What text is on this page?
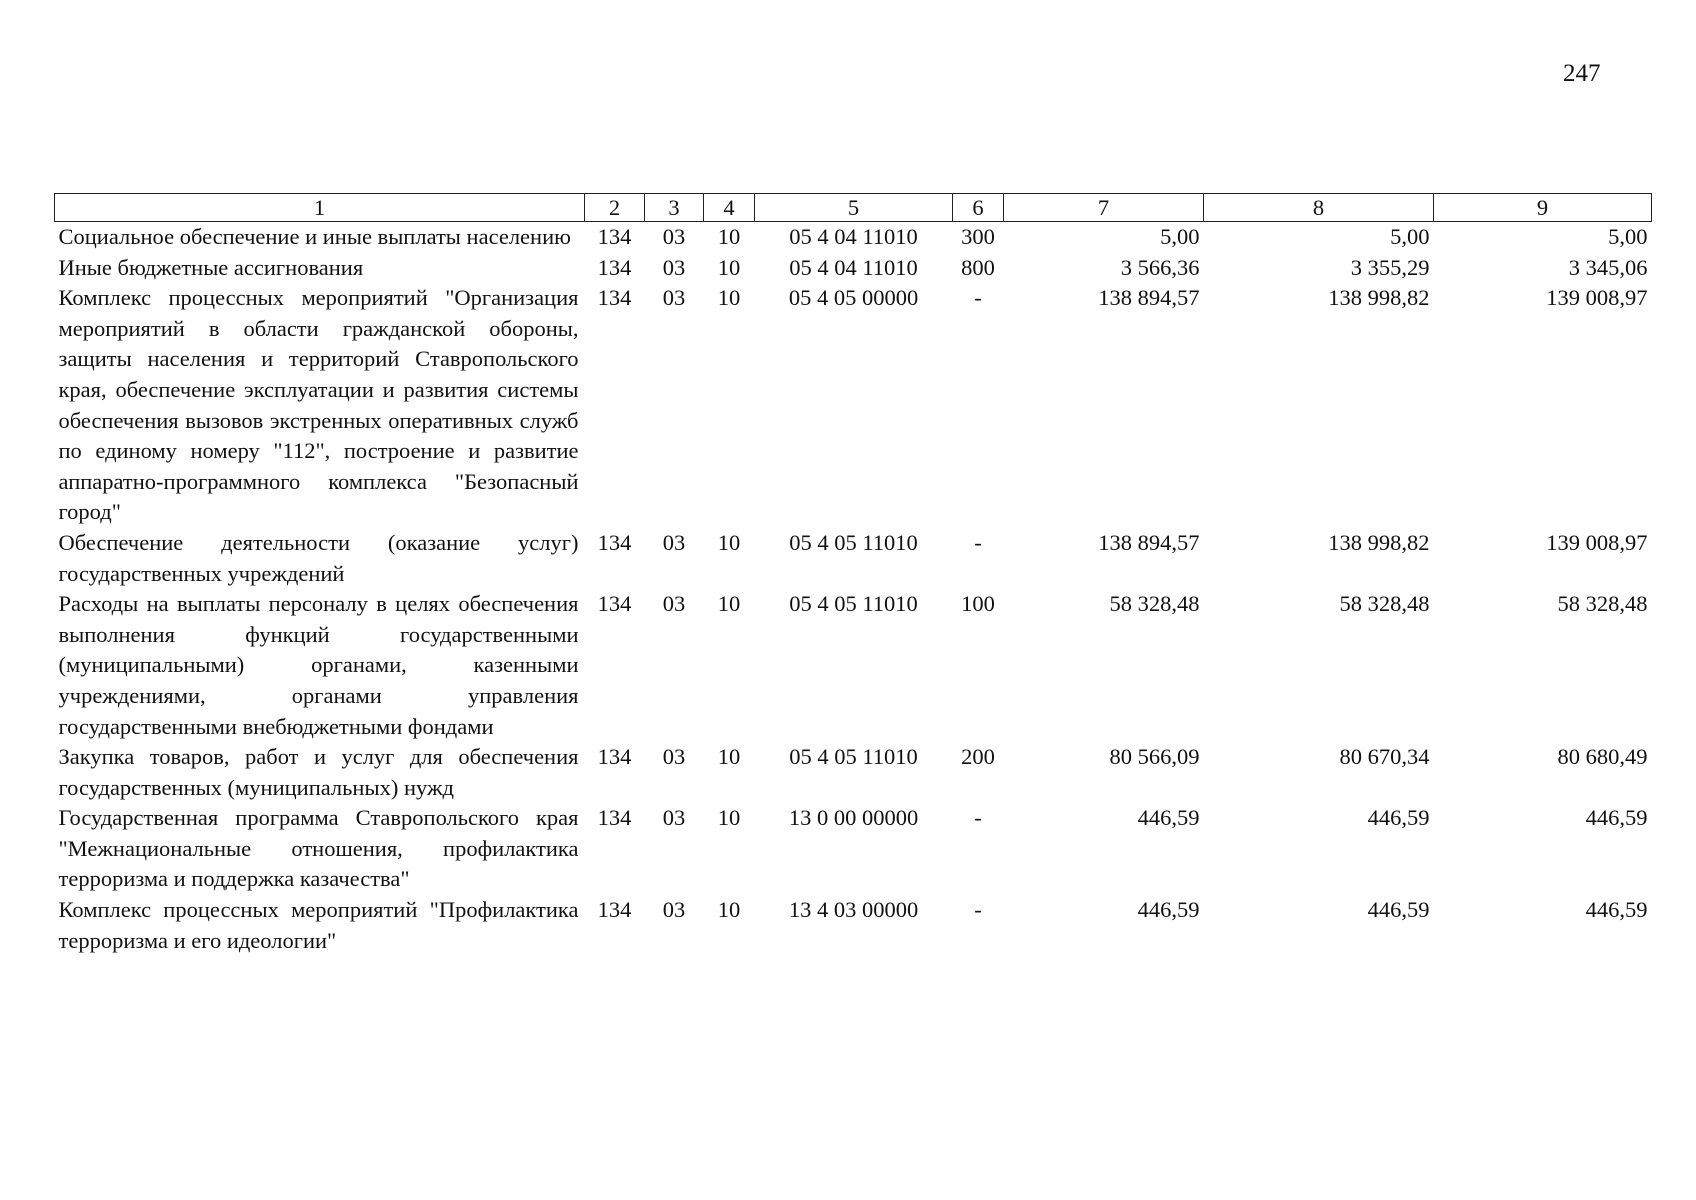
247
1	2	3	4	5	6	7	8	9
Социальное обеспечение и иные выплаты населению	134	03	10	05 4 04 11010	300	5,00	5,00	5,00
Иные бюджетные ассигнования	134	03	10	05 4 04 11010	800	3 566,36	3 355,29	3 345,06
Комплекс процессных мероприятий "Организация мероприятий в области гражданской обороны, защиты населения и территорий Ставропольского края, обеспечение эксплуатации и развития системы обеспечения вызовов экстренных оперативных служб по единому номеру "112", построение и развитие аппаратно-программного комплекса "Безопасный город"	134	03	10	05 4 05 00000	-	138 894,57	138 998,82	139 008,97
Обеспечение деятельности (оказание услуг) государственных учреждений	134	03	10	05 4 05 11010	-	138 894,57	138 998,82	139 008,97
Расходы на выплаты персоналу в целях обеспечения выполнения функций государственными (муниципальными) органами, казенными учреждениями, органами управления государственными внебюджетными фондами	134	03	10	05 4 05 11010	100	58 328,48	58 328,48	58 328,48
Закупка товаров, работ и услуг для обеспечения государственных (муниципальных) нужд	134	03	10	05 4 05 11010	200	80 566,09	80 670,34	80 680,49
Государственная программа Ставропольского края "Межнациональные отношения, профилактика терроризма и поддержка казачества"	134	03	10	13 0 00 00000	-	446,59	446,59	446,59
Комплекс процессных мероприятий "Профилактика терроризма и его идеологии"	134	03	10	13 4 03 00000	-	446,59	446,59	446,59
